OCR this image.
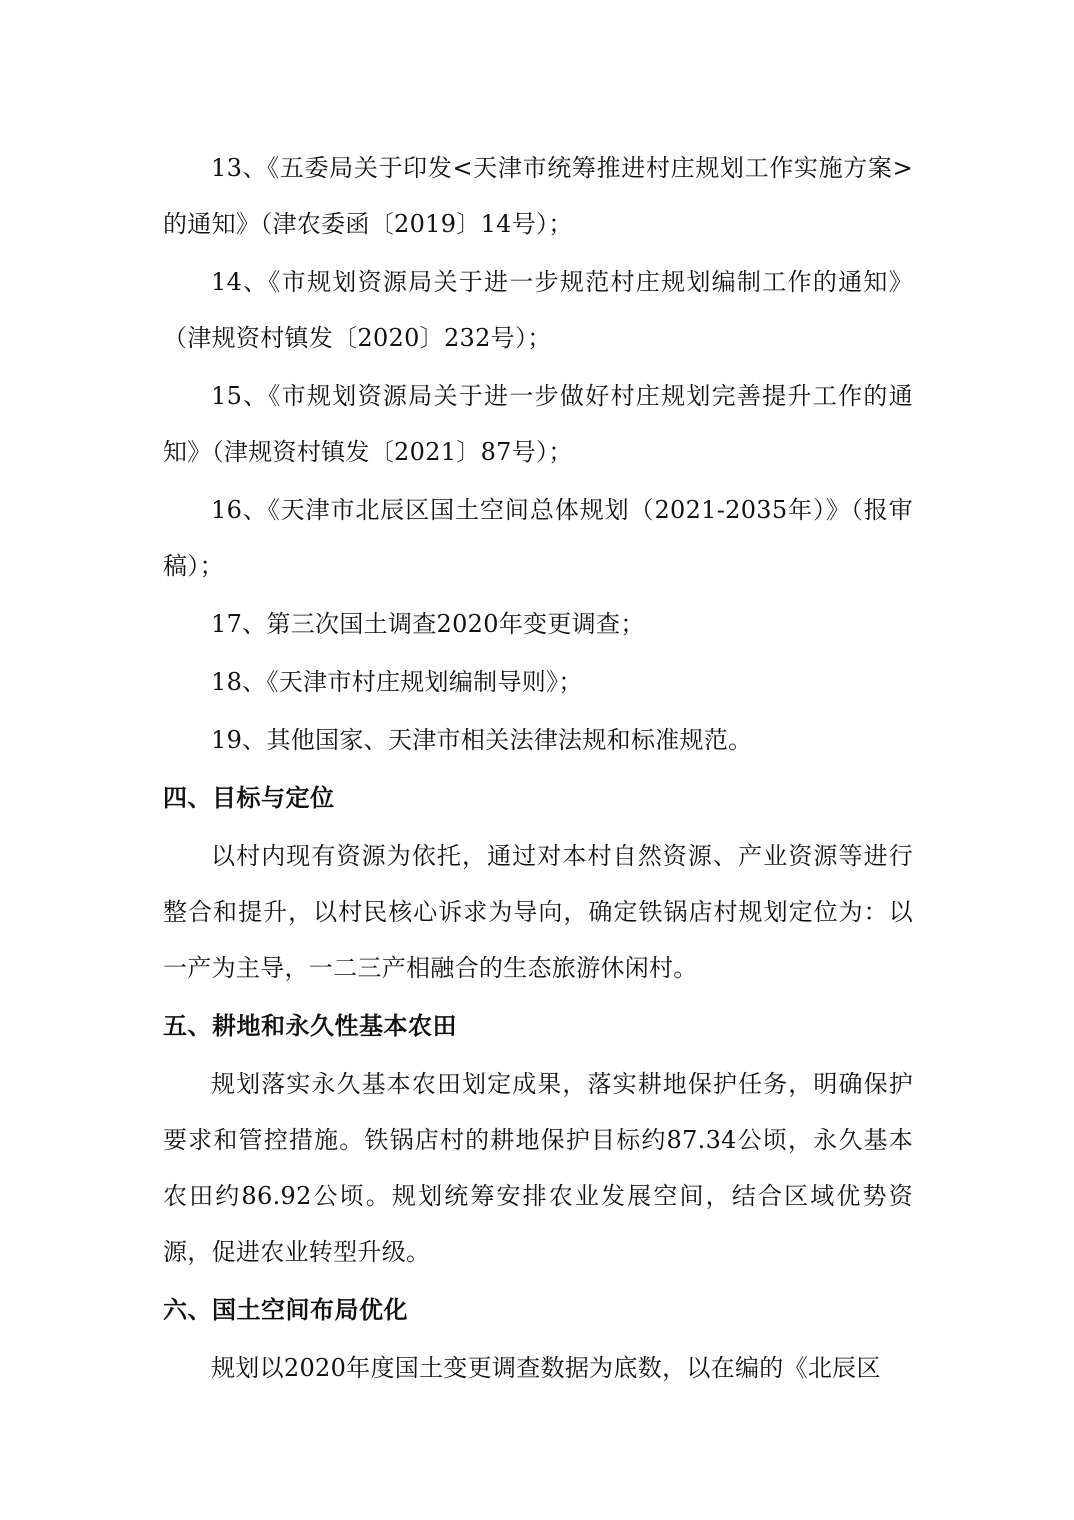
13、《五委局关于印发<天津市统筹推进村庄规划工作实施方案>的通知》（津农委函〔2019〕14号）；

14、《市规划资源局关于进一步规范村庄规划编制工作的通知》（津规资村镇发〔2020〕232号）；

15、《市规划资源局关于进一步做好村庄规划完善提升工作的通知》（津规资村镇发〔2021〕87号）；

16、《天津市北辰区国土空间总体规划（2021-2035年）》（报审稿）；

17、第三次国土调查2020年变更调查；

18、《天津市村庄规划编制导则》；

19、其他国家、天津市相关法律法规和标准规范。

四、目标与定位

以村内现有资源为依托，通过对本村自然资源、产业资源等进行整合和提升，以村民核心诉求为导向，确定铁锅店村规划定位为：以一产为主导，一二三产相融合的生态旅游休闲村。

五、耕地和永久性基本农田

规划落实永久基本农田划定成果，落实耕地保护任务，明确保护要求和管控措施。铁锅店村的耕地保护目标约87.34公顷，永久基本农田约86.92公顷。规划统筹安排农业发展空间，结合区域优势资源，促进农业转型升级。

六、国土空间布局优化

规划以2020年度国土变更调查数据为底数，以在编的《北辰区
